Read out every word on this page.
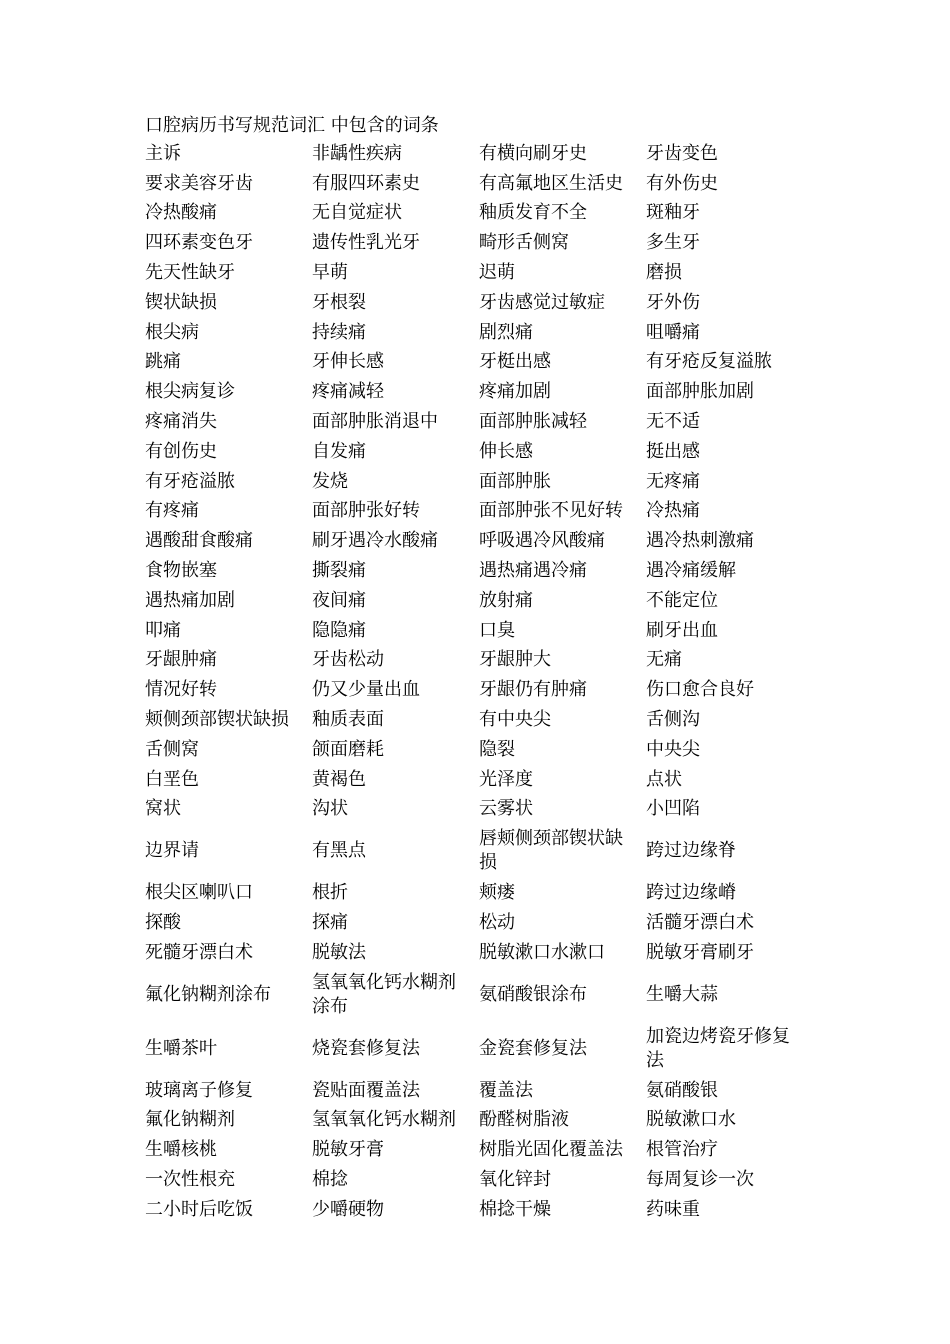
口腔病历书写规范词汇 中包含的词条
主诉	非龋性疾病	有横向刷牙史	牙齿变色
要求美容牙齿	有服四环素史	有高氟地区生活史	有外伤史
冷热酸痛	无自觉症状	釉质发育不全	斑釉牙
四环素变色牙	遗传性乳光牙	畸形舌侧窝	多生牙
先天性缺牙	早萌	迟萌	磨损
锲状缺损	牙根裂	牙齿感觉过敏症	牙外伤
根尖病	持续痛	剧烈痛	咀嚼痛
跳痛	牙伸长感	牙梃出感	有牙疮反复溢脓
根尖病复诊	疼痛减轻	疼痛加剧	面部肿胀加剧
疼痛消失	面部肿胀消退中	面部肿胀减轻	无不适
有创伤史	自发痛	伸长感	挺出感
有牙疮溢脓	发烧	面部肿胀	无疼痛
有疼痛	面部肿张好转	面部肿张不见好转	冷热痛
遇酸甜食酸痛	刷牙遇冷水酸痛	呼吸遇冷风酸痛	遇冷热刺激痛
食物嵌塞	撕裂痛	遇热痛遇冷痛	遇冷痛缓解
遇热痛加剧	夜间痛	放射痛	不能定位
叩痛	隐隐痛	口臭	刷牙出血
牙龈肿痛	牙齿松动	牙龈肿大	无痛
情况好转	仍又少量出血	牙龈仍有肿痛	伤口愈合良好
颊侧颈部锲状缺损	釉质表面	有中央尖	舌侧沟
舌侧窝	颌面磨耗	隐裂	中央尖
白垩色	黄褐色	光泽度	点状
窝状	沟状	云雾状	小凹陷
边界请	有黑点	唇颊侧颈部锲状缺损	跨过边缘脊
根尖区喇叭口	根折	颊瘘	跨过边缘嵴
探酸	探痛	松动	活髓牙漂白术
死髓牙漂白术	脱敏法	脱敏漱口水漱口	脱敏牙膏刷牙
氟化钠糊剂涂布	氢氧氧化钙水糊剂涂布	氨硝酸银涂布	生嚼大蒜
生嚼茶叶	烧瓷套修复法	金瓷套修复法	加瓷边烤瓷牙修复法
玻璃离子修复	瓷贴面覆盖法	覆盖法	氨硝酸银
氟化钠糊剂	氢氧氧化钙水糊剂	酚醛树脂液	脱敏漱口水
生嚼核桃	脱敏牙膏	树脂光固化覆盖法	根管治疗
一次性根充	棉捻	氧化锌封	每周复诊一次
二小时后吃饭	少嚼硬物	棉捻干燥	药味重
